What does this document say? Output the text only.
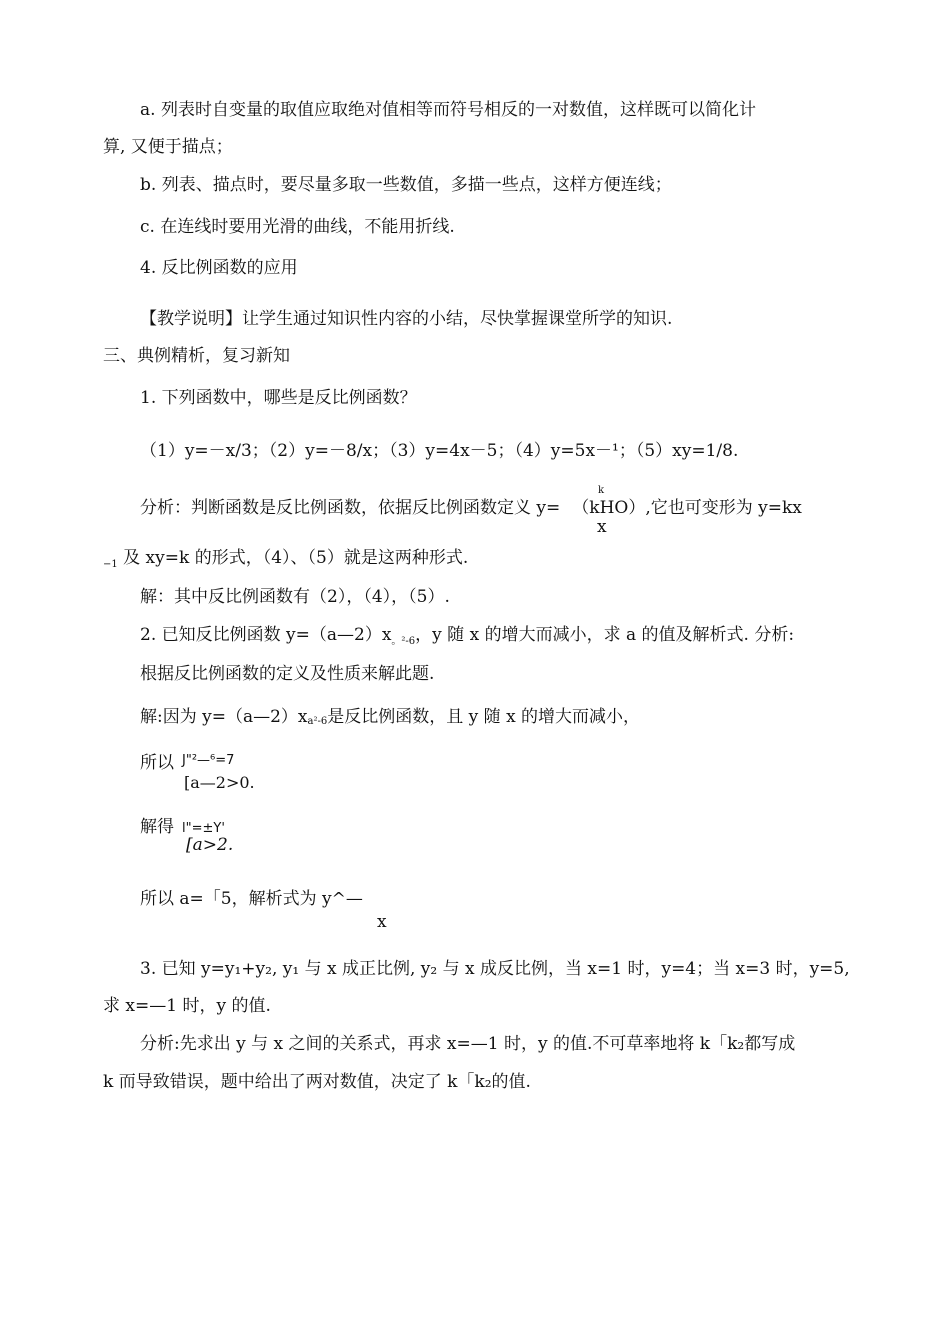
a. 列表时自变量的取值应取绝对值相等而符号相反的一对数值，这样既可以简化计
算, 又便于描点；
b. 列表、描点时，要尽量多取一些数值，多描一些点，这样方便连线；
c. 在连线时要用光滑的曲线，不能用折线.
4. 反比例函数的应用
【教学说明】让学生通过知识性内容的小结，尽快掌握课堂所学的知识.
三、典例精析，复习新知
1. 下列函数中，哪些是反比例函数？
（1）y=－x/3；（2）y=－8/x；（3）y=4x－5；（4）y=5x－¹；（5）xy=1/8.
分析：判断函数是反比例函数，依据反比例函数定义 y= （kHO）,它也可变形为 y=kx
k
x
$_{-1}$ 及 xy=k 的形式，（4）、（5）就是这两种形式.
解：其中反比例函数有（2），（4），（5）.
2. 已知反比例函数 $y=(a—2)x_{。^2-6}$，y 随 x 的增大而减小，求 a 的值及解析式. 分析:
根据反比例函数的定义及性质来解此题.
解:因为 y=（a—2）xa²-6是反比例函数，且 y 随 x 的增大而减小，
所以 J"²—⁶=7
[a—2>0.
解得 l"=±Y'
[a>2.
所以 a=「5，解析式为 y^—
x
3. 已知 y=y₁+y₂, y₁ 与 x 成正比例, y₂ 与 x 成反比例，当 x=1 时，y=4；当 x=3 时，y=5,
求 x=—1 时，y 的值.
分析:先求出 y 与 x 之间的关系式，再求 x=—1 时，y 的值.不可草率地将 k「k₂都写成
k 而导致错误，题中给出了两对数值，决定了 k「k₂的值.
